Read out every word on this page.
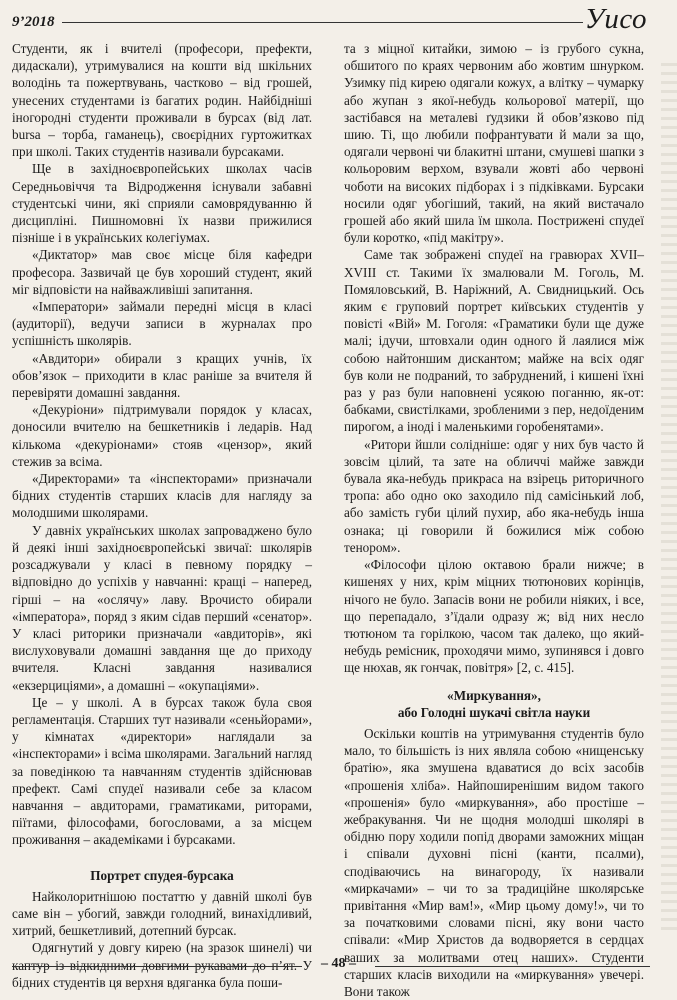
9’2018	Уисо

Студенти, як і вчителі (професори, префекти, дидаскали), утримувалися на кошти від шкільних володінь та пожертвувань, частково – від грошей, унесених студентами із багатих родин. Найбідніші іногородні студенти проживали в бурсах (від лат. bursa – торба, гаманець), своєрідних гуртожитках при школі. Таких студентів називали бурсаками.

Ще в західноєвропейських школах часів Середньовіччя та Відродження існували забавні студентські чини, які сприяли самоврядуванню й дисципліні. Пишномовні їх назви прижилися пізніше і в українських колегіумах.

«Диктатор» мав своє місце біля кафедри професора. Зазвичай це був хороший студент, який міг відповісти на найважливіші запитання.

«Імператори» займали передні місця в класі (аудиторії), ведучи записи в журналах про успішність школярів.

«Авдитори» обирали з кращих учнів, їх обов’язок – приходити в клас раніше за вчителя й перевіряти домашні завдання.

«Декуріони» підтримували порядок у класах, доносили вчителю на бешкетників і ледарів. Над кількома «декуріонами» стояв «цензор», який стежив за всіма.

«Директорами» та «інспекторами» призначали бідних студентів старших класів для нагляду за молодшими школярами.

У давніх українських школах запроваджено було й деякі інші західноєвропейські звичаї: школярів розсаджували у класі в певному порядку – відповідно до успіхів у навчанні: кращі – наперед, гірші – на «ослячу» лаву. Врочисто обирали «імператора», поряд з яким сідав перший «сенатор». У класі риторики призначали «авдиторів», які вислуховували домашні завдання ще до приходу вчителя. Класні завдання називалися «екзерциціями», а домашні – «окупаціями».

Це – у школі. А в бурсах також була своя регламентація. Старших тут називали «сеньйорами», у кімнатах «директори» наглядали за «інспекторами» і всіма школярами. Загальний нагляд за поведінкою та навчанням студентів здійснював префект. Самі спудеї називали себе за класом навчання – авдиторами, граматиками, риторами, піїтами, філософами, богословами, а за місцем проживання – академіками і бурсаками.

Портрет спудея-бурсака

Найколоритнішою постаттю у давній школі був саме він – убогий, завжди голодний, винахідливий, хитрий, бешкетливий, дотепний бурсак.

Одягнутий у довгу кирею (на зразок шинелі) чи каптур із відкидними довгими рукавами до п’ят. У бідних студентів ця верхня вдяганка була поши-

та з міцної китайки, зимою – із грубого сукна, обшитого по краях червоним або жовтим шнурком. Узимку під кирею одягали кожух, а влітку – чумарку або жупан з якої-небудь кольорової матерії, що застібався на металеві ґудзики й обов’язково під шию. Ті, що любили пофрантувати й мали за що, одягали червоні чи блакитні штани, смушеві шапки з кольоровим верхом, взували жовті або червоні чоботи на високих підборах і з підківками. Бурсаки носили одяг убогіший, такий, на який вистачало грошей або який шила їм школа. Пострижені спудеї були коротко, «під макітру».

Саме так зображені спудеї на гравюрах XVII–XVIII ст. Такими їх змалювали М. Гоголь, М. Помяловський, В. Наріжний, А. Свидницький. Ось яким є груповий портрет київських студентів у повісті «Вій» М. Гоголя: «Граматики були ще дуже малі; ідучи, штовхали один одного й лаялися між собою найтоншим дискантом; майже на всіх одяг був коли не подраний, то забруднений, і кишені їхні раз у раз були наповнені усякою поганню, як-от: бабками, свистілками, зробленими з пер, недоїденим пирогом, а іноді і маленькими горобенятами».

«Ритори йшли солідніше: одяг у них був часто й зовсім цілий, та зате на обличчі майже завжди бувала яка-небудь прикраса на взірець риторичного тропа: або одно око заходило під самісінький лоб, або замість губи цілий пухир, або яка-небудь інша ознака; ці говорили й божилися між собою тенором».

«Філософи цілою октавою брали нижче; в кишенях у них, крім міцних тютюнових корінців, нічого не було. Запасів вони не робили ніяких, і все, що перепадало, з’їдали одразу ж; від них несло тютюном та горілкою, часом так далеко, що який-небудь ремісник, проходячи мимо, зупинявся і довго ще нюхав, як гончак, повітря» [2, с. 415].

«Миркування»,
або Голодні шукачі світла науки

Оскільки коштів на утримування студентів було мало, то більшість із них являла собою «нищенську братію», яка змушена вдаватися до всіх засобів «прошенія хліба». Найпоширенішим видом такого «прошенія» було «миркування», або простіше – жебракування. Чи не щодня молодші школярі в обідню пору ходили попід дворами заможних міщан і співали духовні пісні (канти, псалми), сподіваючись на винагороду, їх називали «миркачами» – чи то за традиційне школярське привітання «Мир вам!», «Мир цьому дому!», чи то за початковими словами пісні, яку вони часто співали: «Мир Христов да водворяется в сердцах ваших за молитвами отец наших». Студенти старших класів виходили на «миркування» увечері. Вони також

– 48 –
